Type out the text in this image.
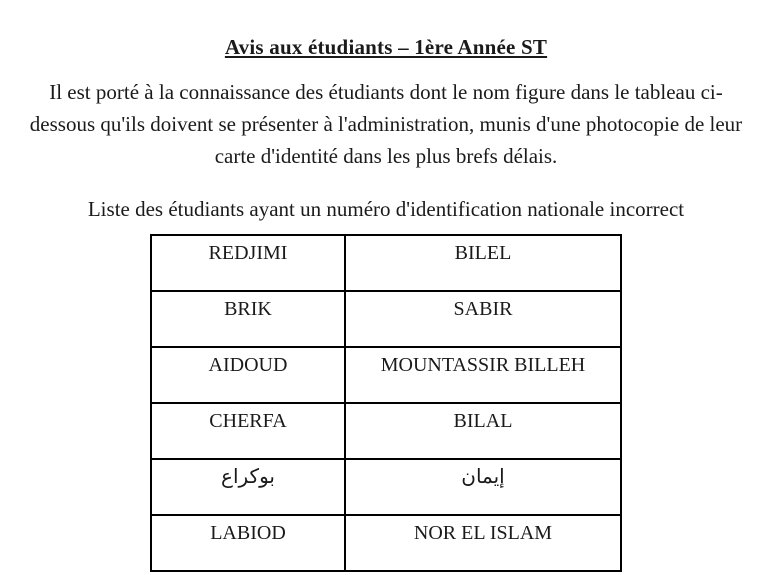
Avis aux étudiants – 1ère Année ST

Il est porté à la connaissance des étudiants dont le nom figure dans le tableau ci-dessous qu'ils doivent se présenter à l'administration, munis d'une photocopie de leur carte d'identité dans les plus brefs délais.

Liste des étudiants ayant un numéro d'identification nationale incorrect

REDJIMI	BILEL
BRIK	SABIR
AIDOUD	MOUNTASSIR BILLEH
CHERFA	BILAL
بوكراع	إيمان
LABIOD	NOR EL ISLAM
